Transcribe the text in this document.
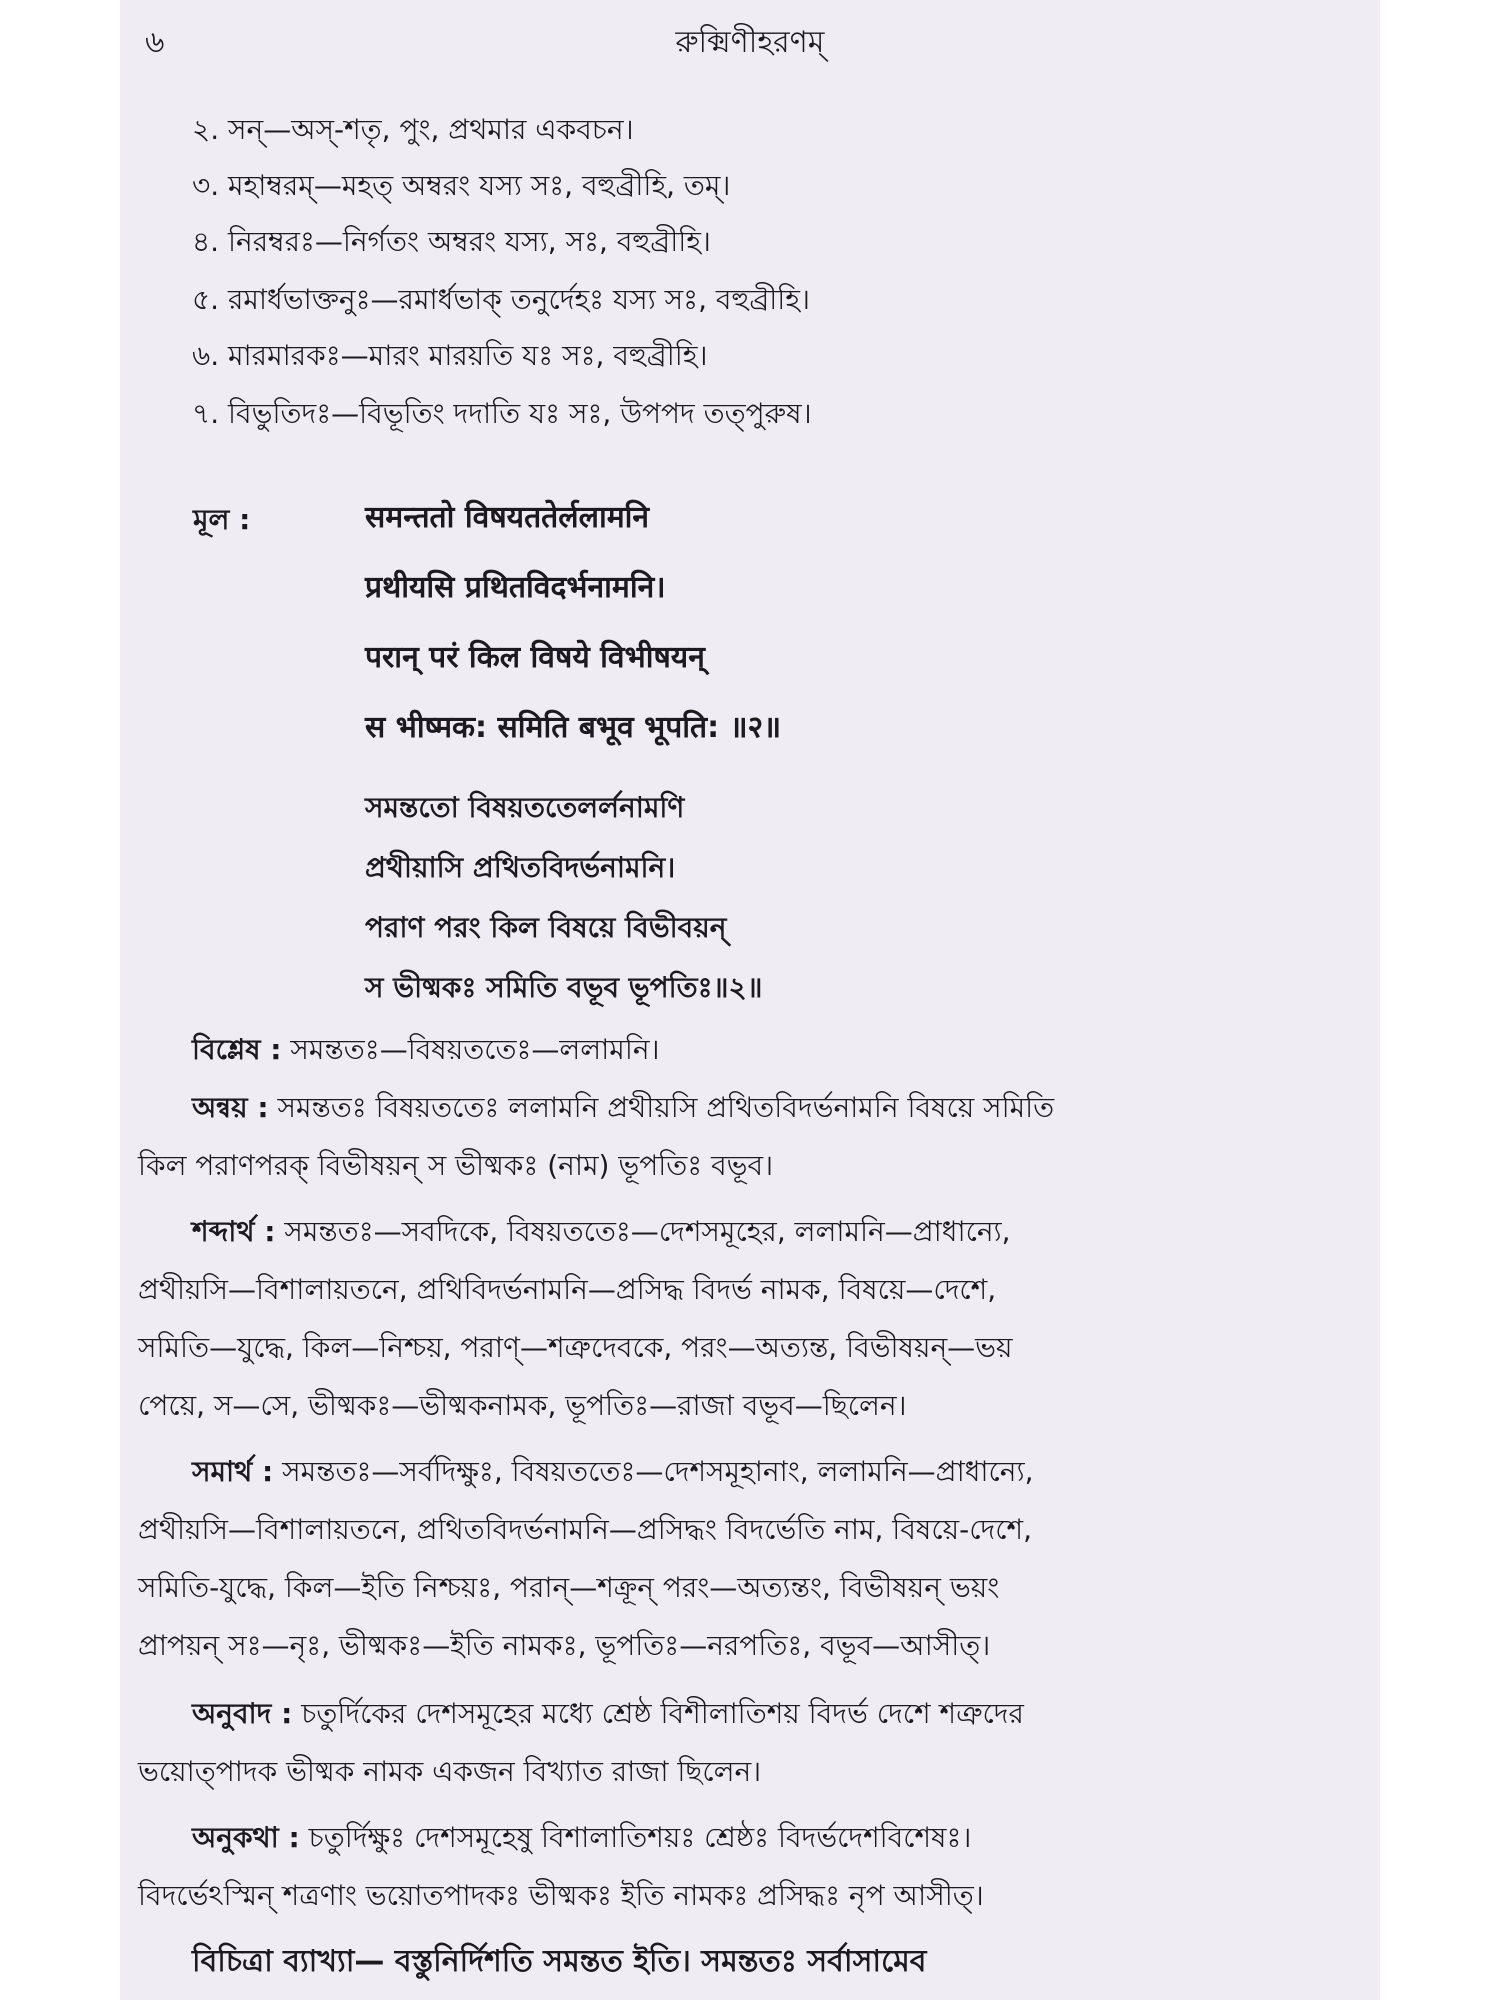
৬	রুক্মিণীহরণম্
২. সন্—অস্-শতৃ, পুং, প্রথমার একবচন।
৩. মহাম্বরম্—মহত্ অম্বরং যস্য সঃ, বহুব্রীহি, তম্।
৪. নিরম্বরঃ—নির্গতং অম্বরং যস্য, সঃ, বহুব্রীহি।
৫. রমার্ধভাক্তনুঃ—রমার্ধভাক্ তনুর্দেহঃ যস্য সঃ, বহুব্রীহি।
৬. মারমারকঃ—মারং মারয়তি যঃ সঃ, বহুব্রীহি।
৭. বিভুতিদঃ—বিভূতিং দদাতি যঃ সঃ, উপপদ তত্পুরুষ।
মূল :	समन्ततो विषयततेर्ललामनि
प्रथीयसि प्रथितविदर्भनामनि।
परान् परं किल विषये विभीषयन्
स भीष्मक: समिति बभूव भूपति: ॥२॥
সমন্ততো বিষয়ততেলর্লনামণি
প্রথীয়াসি প্রথিতবিদর্ভনামনি।
পরাণ পরং কিল বিষয়ে বিভীবয়ন্
স ভীষ্মকঃ সমিতি বভূব ভূপতিঃ॥২॥
বিশ্লেষ : সমন্ততঃ—বিষয়ততেঃ—ললামনি।
অন্বয় : সমন্ততঃ বিষয়ততেঃ ললামনি প্রথীয়সি প্রথিতবিদর্ভনামনি বিষয়ে সমিতি
কিল পরাণপরক্ বিভীষয়ন্ স ভীষ্মকঃ (নাম) ভূপতিঃ বভূব।
শব্দার্থ : সমন্ততঃ—সবদিকে, বিষয়ততেঃ—দেশসমূহের, ললামনি—প্রাধান্যে,
প্রথীয়সি—বিশালায়তনে, প্রথিবিদর্ভনামনি—প্রসিদ্ধ বিদর্ভ নামক, বিষয়ে—দেশে,
সমিতি—যুদ্ধে, কিল—নিশ্চয়, পরাণ্—শত্রুদেবকে, পরং—অত্যন্ত, বিভীষয়ন্—ভয়
পেয়ে, স—সে, ভীষ্মকঃ—ভীষ্মকনামক, ভূপতিঃ—রাজা বভূব—ছিলেন।
সমার্থ : সমন্ততঃ—সর্বদিক্ষুঃ, বিষয়ততেঃ—দেশসমূহানাং, ললামনি—প্রাধান্যে,
প্রথীয়সি—বিশালায়তনে, প্রথিতবিদর্ভনামনি—প্রসিদ্ধং বিদর্ভেতি নাম, বিষয়ে-দেশে,
সমিতি-যুদ্ধে, কিল—ইতি নিশ্চয়ঃ, পরান্—শক্রূন্ পরং—অত্যন্তং, বিভীষয়ন্ ভয়ং
প্রাপয়ন্ সঃ—নৃঃ, ভীষ্মকঃ—ইতি নামকঃ, ভূপতিঃ—নরপতিঃ, বভূব—আসীত্।
অনুবাদ : চতুর্দিকের দেশসমূহের মধ্যে শ্রেষ্ঠ বিশীলাতিশয় বিদর্ভ দেশে শত্রুদের
ভয়োত্পাদক ভীষ্মক নামক একজন বিখ্যাত রাজা ছিলেন।
অনুকথা : চতুর্দিক্ষুঃ দেশসমূহেষু বিশালাতিশয়ঃ শ্রেষ্ঠঃ বিদর্ভদেশবিশেষঃ।
বিদর্ভেঽস্মিন্ শত্রণাং ভয়োতপাদকঃ ভীষ্মকঃ ইতি নামকঃ প্রসিদ্ধঃ নৃপ আসীত্।
বিচিত্রা ব্যাখ্যা— বস্তুনির্দিশতি সমন্তত ইতি। সমন্ততঃ সর্বাসামেব
